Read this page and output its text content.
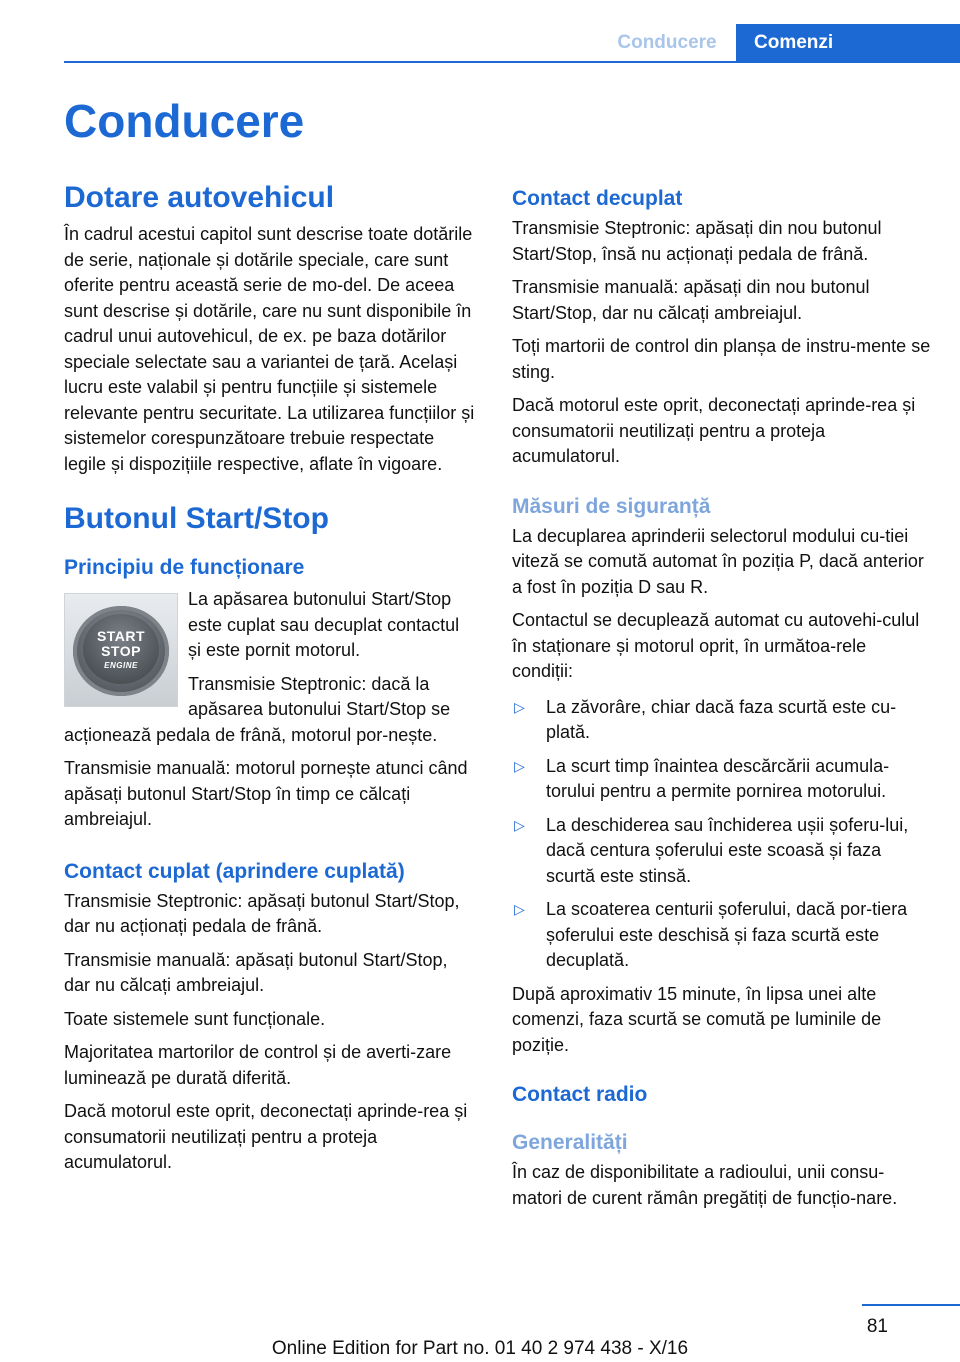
Conducere	Comenzi
Conducere
Dotare autovehicul

În cadrul acestui capitol sunt descrise toate dotările de serie, naționale și dotările speciale, care sunt oferite pentru această serie de mo‐del. De aceea sunt descrise și dotările, care nu sunt disponibile în cadrul unui autovehicul, de ex. pe baza dotărilor speciale selectate sau a variantei de țară. Același lucru este valabil și pentru funcțiile și sistemele relevante pentru securitate. La utilizarea funcțiilor și sistemelor corespunzătoare trebuie respectate legile și dispozițiile respective, aflate în vigoare.

Butonul Start/Stop
Principiu de funcționare
START
STOP
ENGINE

La apăsarea butonului Start/Stop este cuplat sau decuplat contactul și este pornit motorul.

Transmisie Steptronic: dacă la apăsarea butonului Start/Stop se acționează pedala de frână, motorul por‐nește.

Transmisie manuală: motorul pornește atunci când apăsați butonul Start/Stop în timp ce călcați ambreiajul.

Contact cuplat (aprindere cuplată)

Transmisie Steptronic: apăsați butonul Start/Stop, dar nu acționați pedala de frână.

Transmisie manuală: apăsați butonul Start/Stop, dar nu călcați ambreiajul.

Toate sistemele sunt funcționale.

Majoritatea martorilor de control și de averti‐zare luminează pe durată diferită.

Dacă motorul este oprit, deconectați aprinde‐rea și consumatorii neutilizați pentru a proteja acumulatorul.

Contact decuplat

Transmisie Steptronic: apăsați din nou butonul Start/Stop, însă nu acționați pedala de frână.

Transmisie manuală: apăsați din nou butonul Start/Stop, dar nu călcați ambreiajul.

Toți martorii de control din planșa de instru‐mente se sting.

Dacă motorul este oprit, deconectați aprinde‐rea și consumatorii neutilizați pentru a proteja acumulatorul.

Măsuri de siguranță

La decuplarea aprinderii selectorul modului cu‐tiei viteză se comută automat în poziția P, dacă anterior a fost în poziția D sau R.

Contactul se decuplează automat cu autovehi‐culul în staționare și motorul oprit, în următoa‐rele condiții:

▷ La zăvorâre, chiar dacă faza scurtă este cu‐plată.
▷ La scurt timp înaintea descărcării acumula‐torului pentru a permite pornirea motorului.
▷ La deschiderea sau închiderea ușii șoferu‐lui, dacă centura șoferului este scoasă și faza scurtă este stinsă.
▷ La scoaterea centurii șoferului, dacă por‐tiera șoferului este deschisă și faza scurtă este decuplată.

După aproximativ 15 minute, în lipsa unei alte comenzi, faza scurtă se comută pe luminile de poziție.

Contact radio
Generalități

În caz de disponibilitate a radioului, unii consu‐matori de curent rămân pregătiți de funcțio‐nare.

81
Online Edition for Part no. 01 40 2 974 438 - X/16
